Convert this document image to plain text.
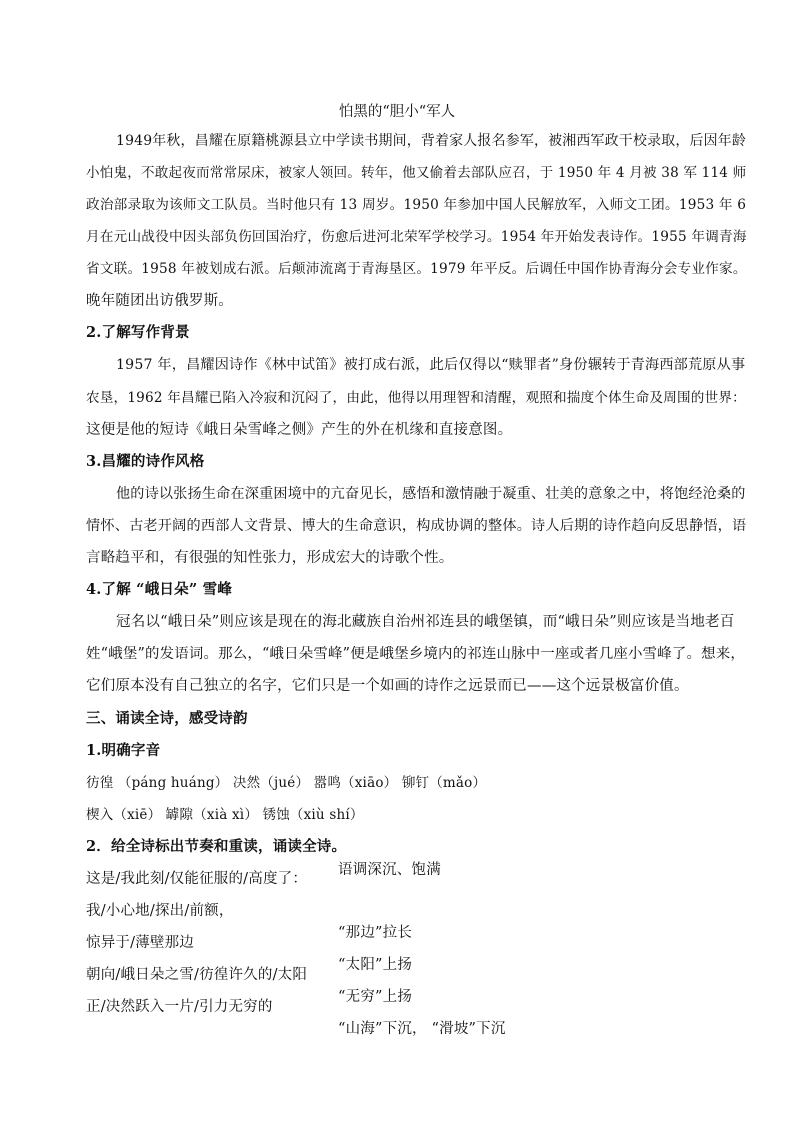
怕黑的“胆小“军人
1949年秋，昌耀在原籍桃源县立中学读书期间，背着家人报名参军，被湘西军政干校录取，后因年龄
小怕鬼，不敢起夜而常常尿床，被家人领回。转年，他又偷着去部队应召，于 1950 年 4 月被 38 军 114 师
政治部录取为该师文工队员。当时他只有 13 周岁。1950 年参加中国人民解放军，入师文工团。1953 年 6
月在元山战役中因头部负伤回国治疗，伤愈后进河北荣军学校学习。1954 年开始发表诗作。1955 年调青海
省文联。1958 年被划成右派。后颠沛流离于青海垦区。1979 年平反。后调任中国作协青海分会专业作家。
晚年随团出访俄罗斯。
2.了解写作背景
1957 年，昌耀因诗作《林中试笛》被打成右派，此后仅得以“赎罪者”身份辗转于青海西部荒原从事
农垦，1962 年昌耀已陷入冷寂和沉闷了，由此，他得以用理智和清醒，观照和揣度个体生命及周围的世界：
这便是他的短诗《峨日朵雪峰之侧》产生的外在机缘和直接意图。
3.昌耀的诗作风格
他的诗以张扬生命在深重困境中的亢奋见长，感悟和激情融于凝重、壮美的意象之中，将饱经沧桑的
情怀、古老开阔的西部人文背景、博大的生命意识，构成协调的整体。诗人后期的诗作趋向反思静悟，语
言略趋平和，有很强的知性张力，形成宏大的诗歌个性。
4.了解 “峨日朵” 雪峰
冠名以“峨日朵”则应该是现在的海北藏族自治州祁连县的峨堡镇，而“峨日朵”则应该是当地老百
姓“峨堡”的发语词。那么，“峨日朵雪峰”便是峨堡乡境内的祁连山脉中一座或者几座小雪峰了。想来，
它们原本没有自己独立的名字，它们只是一个如画的诗作之远景而已——这个远景极富价值。
三、诵读全诗，感受诗韵
1.明确字音
彷徨 （páng huáng） 决然（jué） 嚣鸣（xiāo） 铆钉（mǎo）
楔入（xiē） 罅隙（xià xì） 锈蚀（xiù shí）
2．给全诗标出节奏和重读，诵读全诗。
这是/我此刻/仅能征服的/高度了：
我/小心地/探出/前额，
惊异于/薄壁那边
朝向/峨日朵之雪/彷徨许久的/太阳
正/决然跃入一片/引力无穷的
语调深沉、饱满
“那边”拉长
“太阳”上扬
“无穷”上扬
“山海”下沉， “滑坡”下沉
